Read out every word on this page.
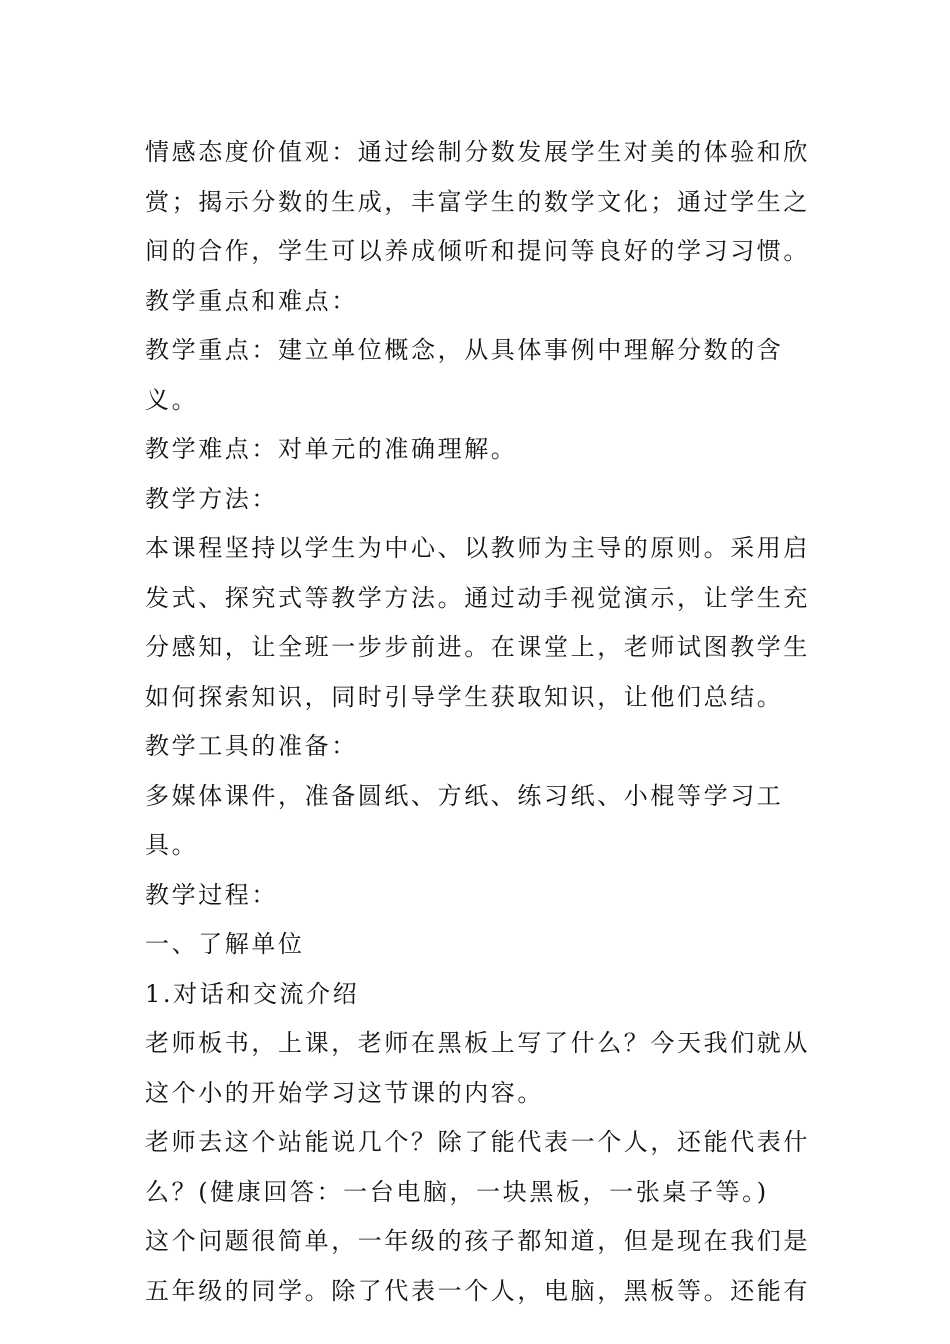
情感态度价值观：通过绘制分数发展学生对美的体验和欣赏；揭示分数的生成，丰富学生的数学文化；通过学生之间的合作，学生可以养成倾听和提问等良好的学习习惯。

教学重点和难点：

教学重点：建立单位概念，从具体事例中理解分数的含义。

教学难点：对单元的准确理解。

教学方法：

本课程坚持以学生为中心、以教师为主导的原则。采用启发式、探究式等教学方法。通过动手视觉演示，让学生充分感知，让全班一步步前进。在课堂上，老师试图教学生如何探索知识，同时引导学生获取知识，让他们总结。

教学工具的准备：

多媒体课件，准备圆纸、方纸、练习纸、小棍等学习工具。

教学过程：

一、了解单位

1.对话和交流介绍

老师板书，上课，老师在黑板上写了什么？今天我们就从这个小的开始学习这节课的内容。

老师去这个站能说几个？除了能代表一个人，还能代表什么？(健康回答：一台电脑，一块黑板，一张桌子等。)

这个问题很简单，一年级的孩子都知道，但是现在我们是五年级的同学。除了代表一个人，电脑，黑板等。还能有
